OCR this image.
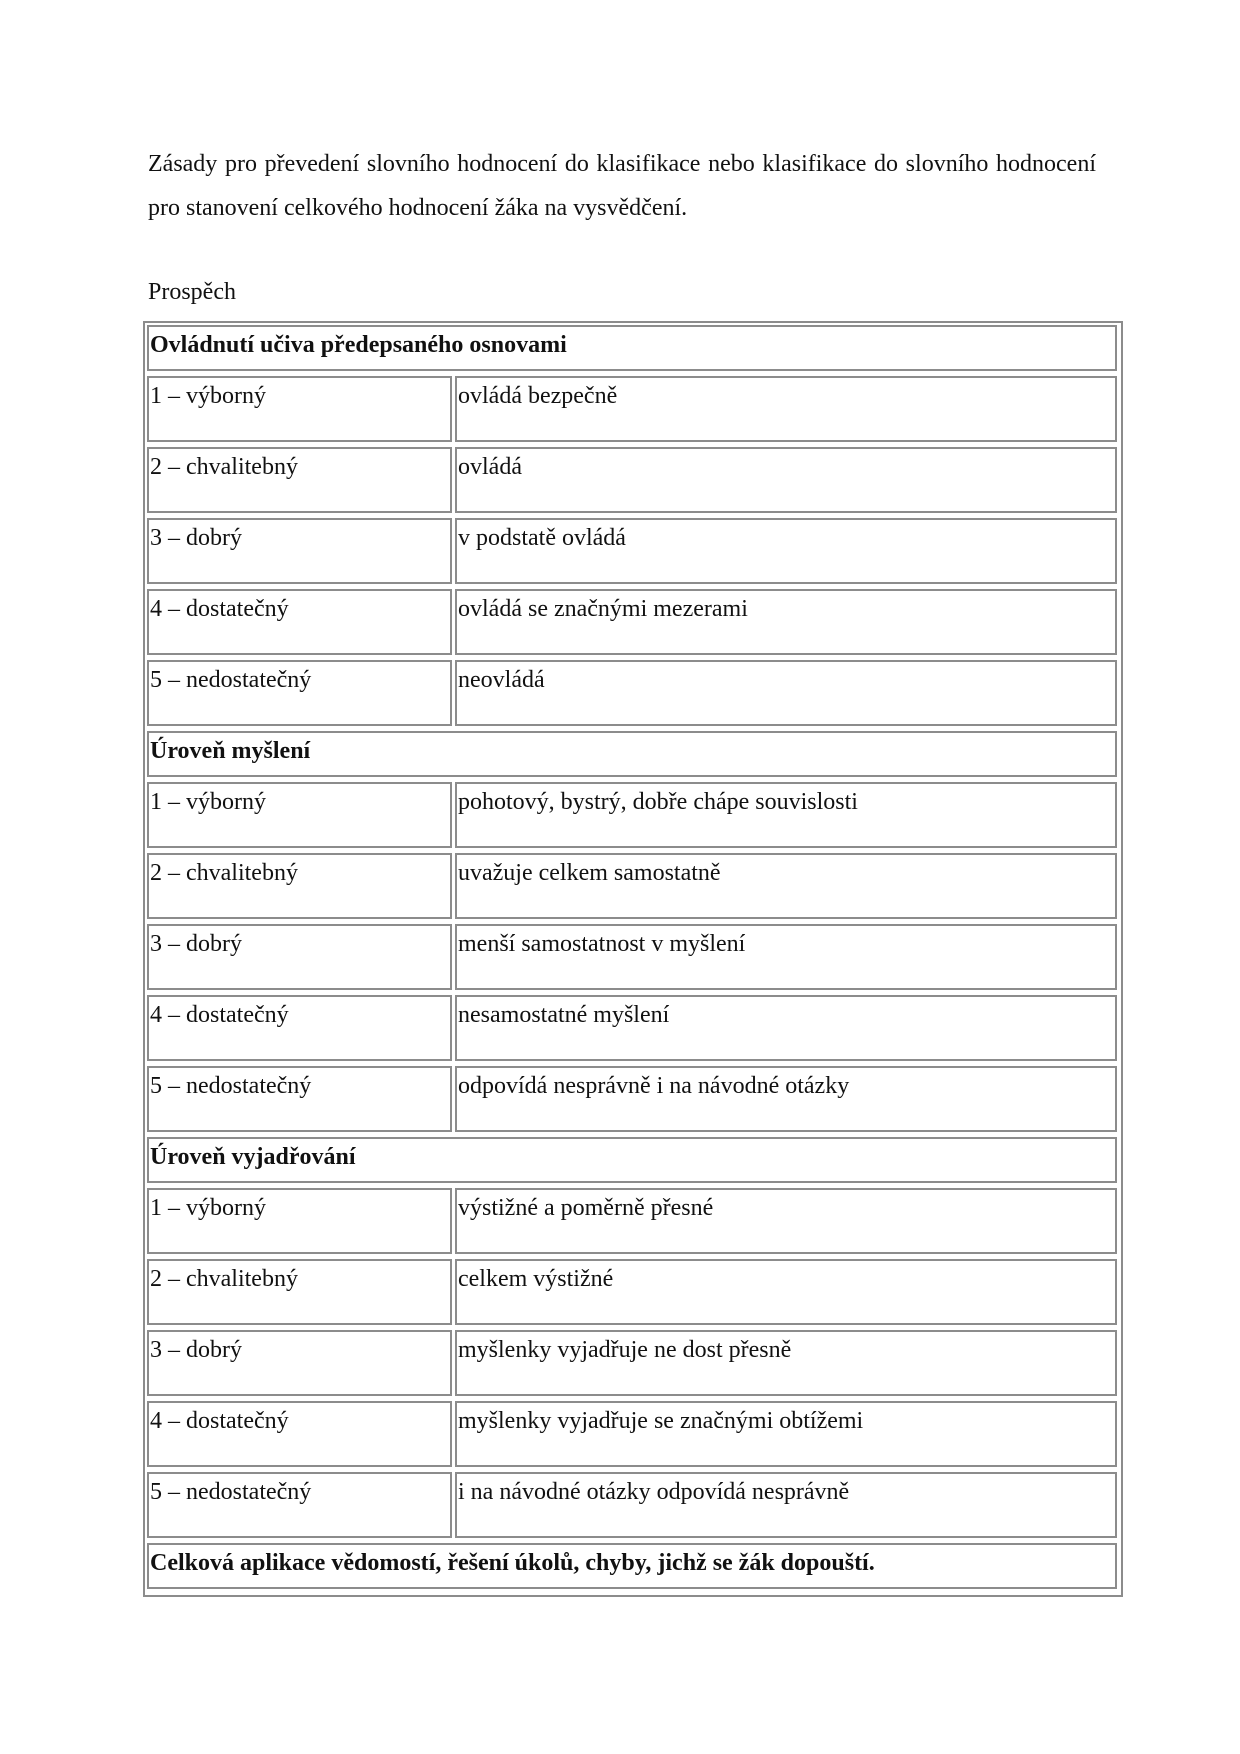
Zásady pro převedení slovního hodnocení do klasifikace nebo klasifikace do slovního hodnocení pro stanovení celkového hodnocení žáka na vysvědčení.
Prospěch
Ovládnutí učiva předepsaného osnovami
1 – výborný	ovládá bezpečně
2 – chvalitebný	ovládá
3 – dobrý	v podstatě ovládá
4 – dostatečný	ovládá se značnými mezerami
5 – nedostatečný	neovládá
Úroveň myšlení
1 – výborný	pohotový, bystrý, dobře chápe souvislosti
2 – chvalitebný	uvažuje celkem samostatně
3 – dobrý	menší samostatnost v myšlení
4 – dostatečný	nesamostatné myšlení
5 – nedostatečný	odpovídá nesprávně i na návodné otázky
Úroveň vyjadřování
1 – výborný	výstižné a poměrně přesné
2 – chvalitebný	celkem výstižné
3 – dobrý	myšlenky vyjadřuje ne dost přesně
4 – dostatečný	myšlenky vyjadřuje se značnými obtížemi
5 – nedostatečný	i na návodné otázky odpovídá nesprávně
Celková aplikace vědomostí, řešení úkolů, chyby, jichž se žák dopouští.
